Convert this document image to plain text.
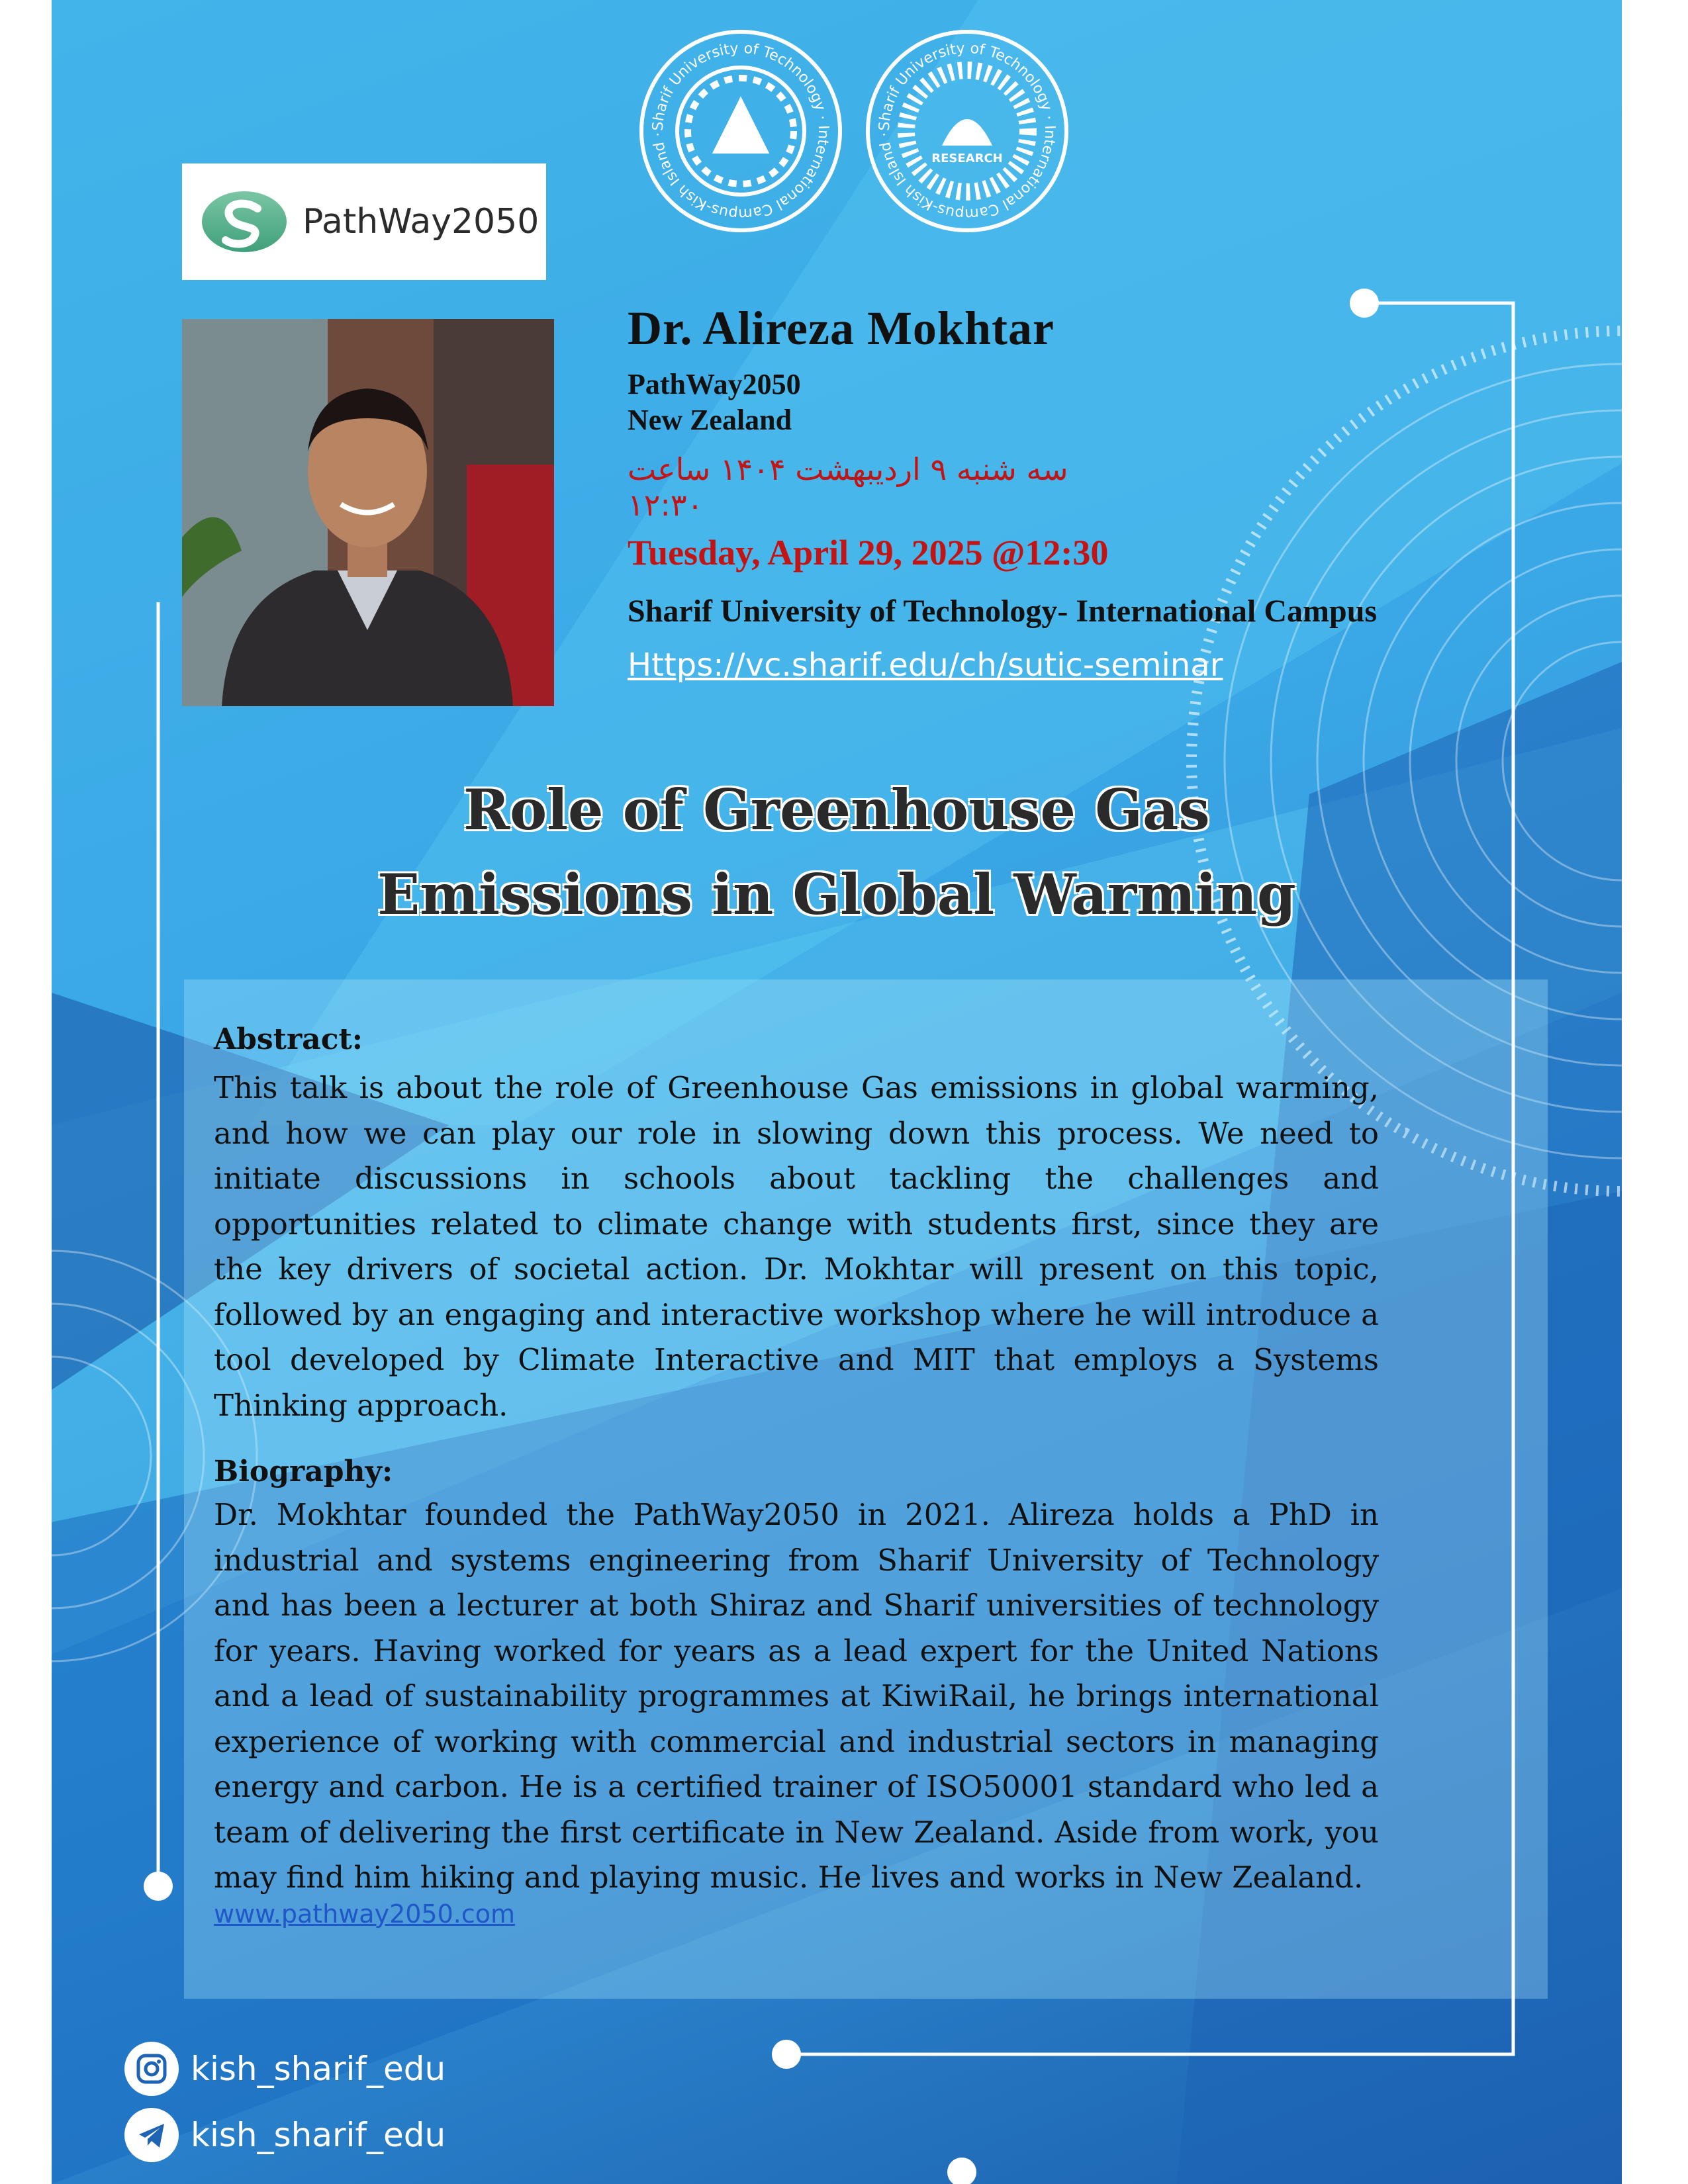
PathWay2050
Sharif University of Technology · International Campus-Kish Island ·
RESEARCH
Sharif University of Technology · International Campus-Kish Island ·
Dr. Alireza Mokhtar
PathWay2050
New Zealand
سه شنبه ۹ اردیبهشت ۱۴۰۴ ساعت ۱۲:۳۰
Tuesday, April 29, 2025 @12:30
Sharif University of Technology- International Campus
Https://vc.sharif.edu/ch/sutic-seminar
Role of Greenhouse Gas
Emissions in Global Warming
Abstract:

This talk is about the role of Greenhouse Gas emissions in global warming, and how we can play our role in slowing down this process. We need to initiate discussions in schools about tackling the challenges and opportunities related to climate change with students first, since they are the key drivers of societal action. Dr. Mokhtar will present on this topic, followed by an engaging and interactive workshop where he will introduce a tool developed by Climate Interactive and MIT that employs a Systems Thinking approach.

Biography:

Dr. Mokhtar founded the PathWay2050 in 2021. Alireza holds a PhD in industrial and systems engineering from Sharif University of Technology and has been a lecturer at both Shiraz and Sharif universities of technology for years. Having worked for years as a lead expert for the United Nations and a lead of sustainability programmes at KiwiRail, he brings international experience of working with commercial and industrial sectors in managing energy and carbon. He is a certified trainer of ISO50001 standard who led a team of delivering the first certificate in New Zealand. Aside from work, you may find him hiking and playing music. He lives and works in New Zealand.

www.pathway2050.com
kish_sharif_edu
kish_sharif_edu
